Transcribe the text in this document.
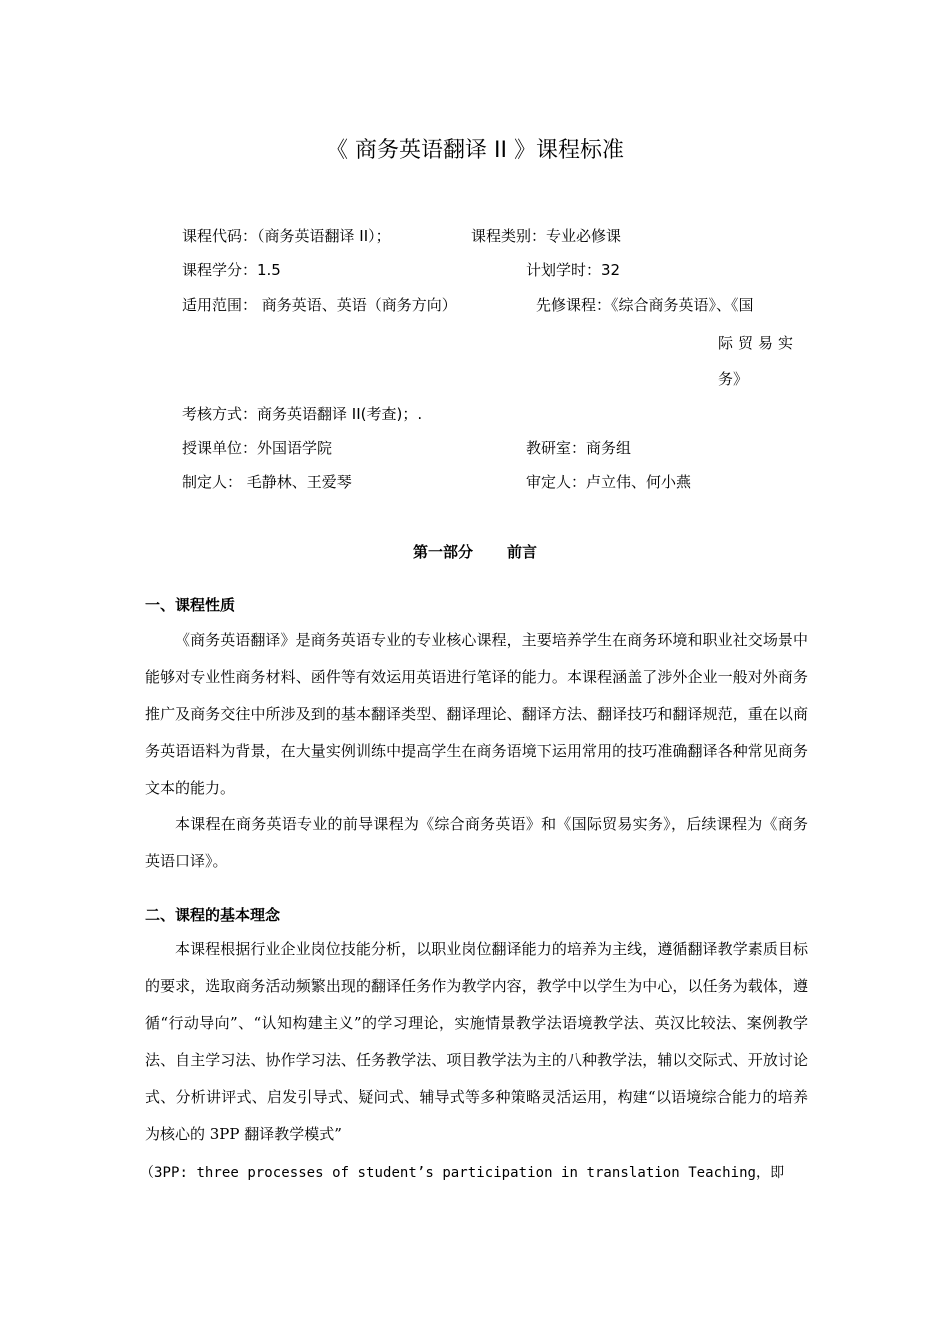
《 商务英语翻译 II 》课程标准
课程代码：（商务英语翻译 II）；	课程类别：专业必修课
课程学分：1.5	计划学时：32
适用范围： 商务英语、英语（商务方向）	先修课程：《综合商务英语》、《国
际贸易实
务》
考核方式：商务英语翻译 II(考查)；.
授课单位：外国语学院	教研室：商务组
制定人： 毛静林、王爱琴	审定人：卢立伟、何小燕
第一部分 前言
一、课程性质
《商务英语翻译》是商务英语专业的专业核心课程，主要培养学生在商务环境和职业社交场景中能够对专业性商务材料、函件等有效运用英语进行笔译的能力。本课程涵盖了涉外企业一般对外商务推广及商务交往中所涉及到的基本翻译类型、翻译理论、翻译方法、翻译技巧和翻译规范，重在以商务英语语料为背景，在大量实例训练中提高学生在商务语境下运用常用的技巧准确翻译各种常见商务文本的能力。
本课程在商务英语专业的前导课程为《综合商务英语》和《国际贸易实务》，后续课程为《商务英语口译》。
二、课程的基本理念
本课程根据行业企业岗位技能分析，以职业岗位翻译能力的培养为主线，遵循翻译教学素质目标的要求，选取商务活动频繁出现的翻译任务作为教学内容，教学中以学生为中心，以任务为载体，遵循“行动导向”、“认知构建主义”的学习理论，实施情景教学法语境教学法、英汉比较法、案例教学法、自主学习法、协作学习法、任务教学法、项目教学法为主的八种教学法，辅以交际式、开放讨论式、分析讲评式、启发引导式、疑问式、辅导式等多种策略灵活运用，构建“以语境综合能力的培养为核心的 3PP 翻译教学模式”
（3PP: three processes of student’s participation in translation Teaching，即
